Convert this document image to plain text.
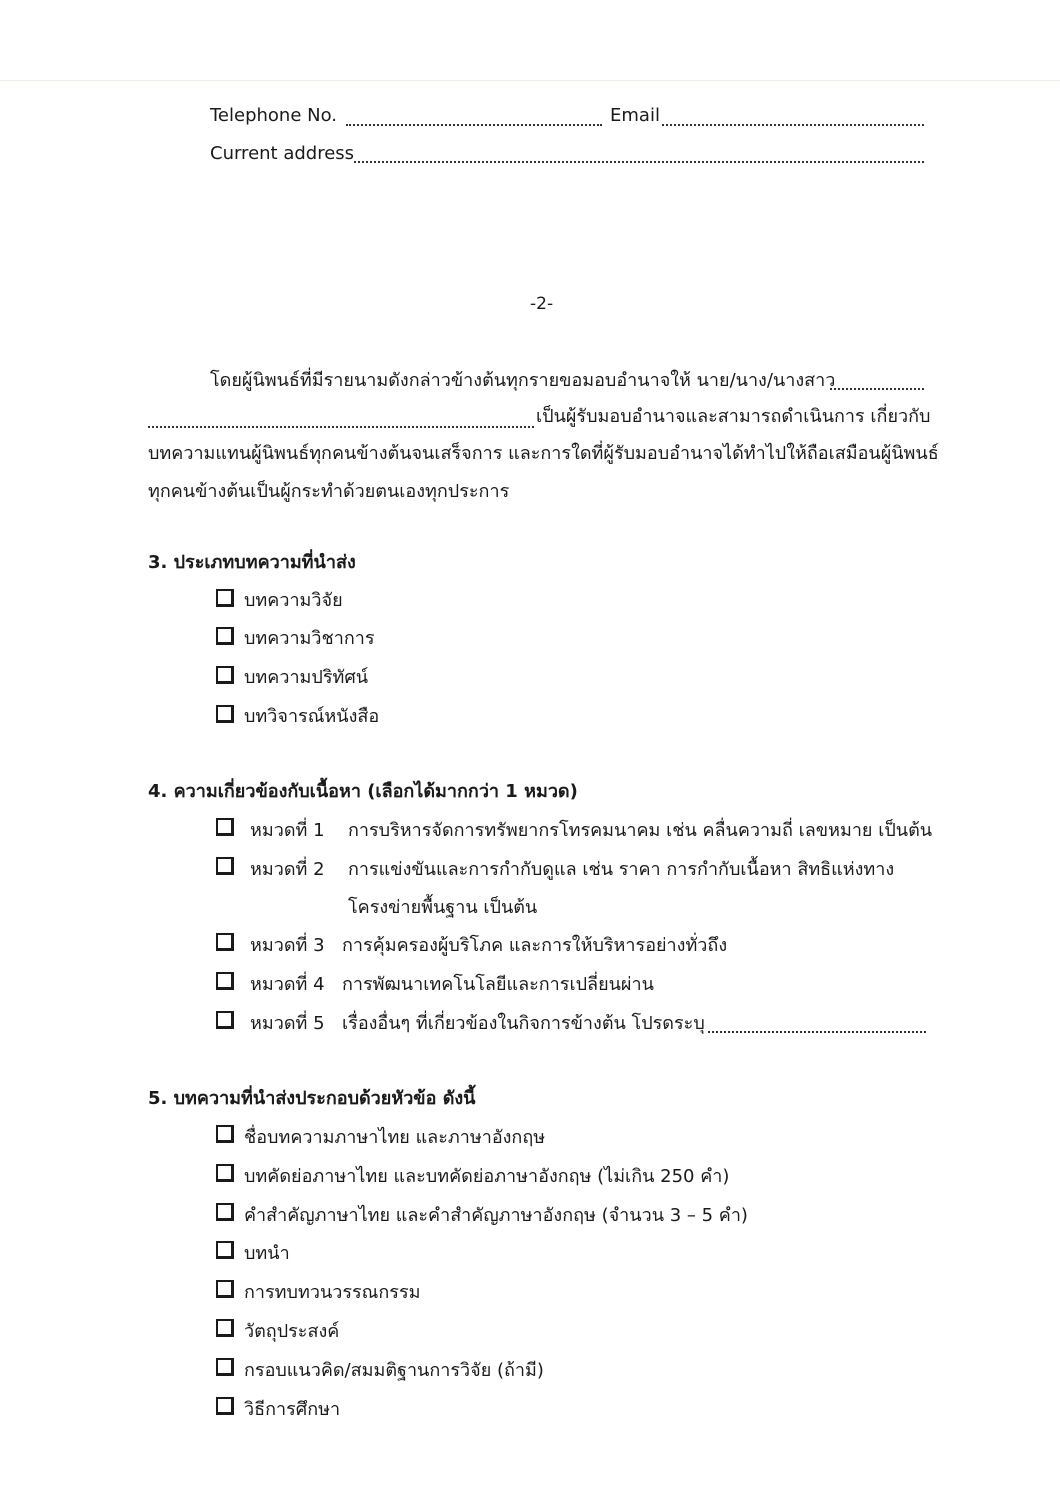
Telephone No.	Email
Current address
-2-
โดยผู้นิพนธ์ที่มีรายนามดังกล่าวข้างต้นทุกรายขอมอบอำนาจให้ นาย/นาง/นางสาว
เป็นผู้รับมอบอำนาจและสามารถดำเนินการ เกี่ยวกับ
บทความแทนผู้นิพนธ์ทุกคนข้างต้นจนเสร็จการ และการใดที่ผู้รับมอบอำนาจได้ทำไปให้ถือเสมือนผู้นิพนธ์
ทุกคนข้างต้นเป็นผู้กระทำด้วยตนเองทุกประการ
3. ประเภทบทความที่นำส่ง
บทความวิจัย
บทความวิชาการ
บทความปริทัศน์
บทวิจารณ์หนังสือ
4. ความเกี่ยวข้องกับเนื้อหา (เลือกได้มากกว่า 1 หมวด)
หมวดที่ 1 การบริหารจัดการทรัพยากรโทรคมนาคม เช่น คลื่นความถี่ เลขหมาย เป็นต้น
หมวดที่ 2 การแข่งขันและการกำกับดูแล เช่น ราคา การกำกับเนื้อหา สิทธิแห่งทาง
โครงข่ายพื้นฐาน เป็นต้น
หมวดที่ 3 การคุ้มครองผู้บริโภค และการให้บริหารอย่างทั่วถึง
หมวดที่ 4 การพัฒนาเทคโนโลยีและการเปลี่ยนผ่าน
หมวดที่ 5 เรื่องอื่นๆ ที่เกี่ยวข้องในกิจการข้างต้น โปรดระบุ
5. บทความที่นำส่งประกอบด้วยหัวข้อ ดังนี้
ชื่อบทความภาษาไทย และภาษาอังกฤษ
บทคัดย่อภาษาไทย และบทคัดย่อภาษาอังกฤษ (ไม่เกิน 250 คำ)
คำสำคัญภาษาไทย และคำสำคัญภาษาอังกฤษ (จำนวน 3 – 5 คำ)
บทนำ
การทบทวนวรรณกรรม
วัตถุประสงค์
กรอบแนวคิด/สมมติฐานการวิจัย (ถ้ามี)
วิธีการศึกษา
